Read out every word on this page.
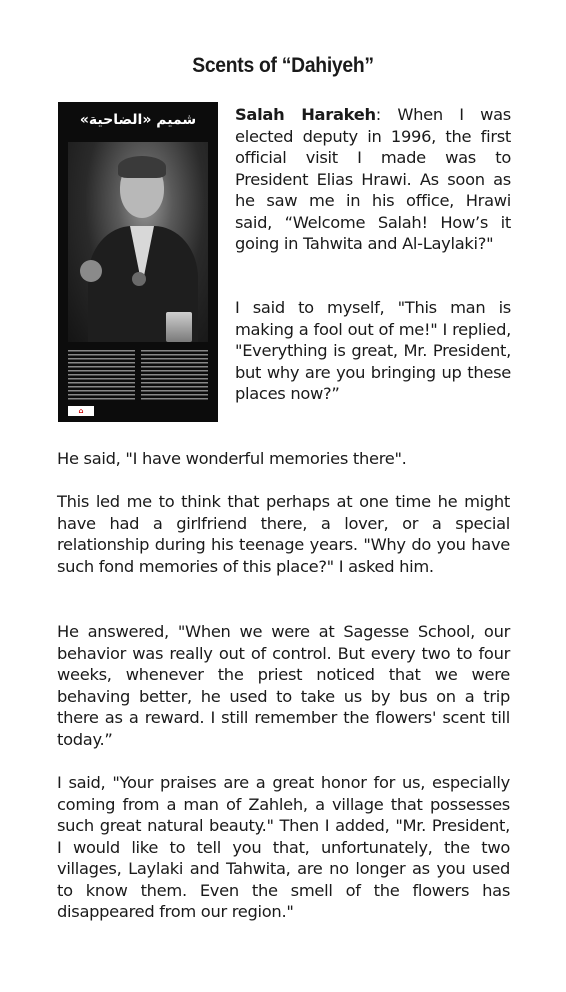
Scents of “Dahiyeh”
شميم «الضاحية»
⌂

Salah Harakeh: When I was elected deputy in 1996, the first official visit I made was to President Elias Hrawi. As soon as he saw me in his office, Hrawi said, “Welcome Salah! How’s it going in Tahwita and Al-Laylaki?"

I said to myself, "This man is making a fool out of me!" I replied, "Everything is great, Mr. President, but why are you bringing up these places now?”

He said, "I have wonderful memories there".

This led me to think that perhaps at one time he might have had a girlfriend there, a lover, or a special relationship during his teenage years. "Why do you have such fond memories of this place?" I asked him.

He answered, "When we were at Sagesse School, our behavior was really out of control. But every two to four weeks, whenever the priest noticed that we were behaving better, he used to take us by bus on a trip there as a reward. I still remember the flowers' scent till today.”

I said, "Your praises are a great honor for us, especially coming from a man of Zahleh, a village that possesses such great natural beauty." Then I added, "Mr. President, I would like to tell you that, unfortunately, the two villages, Laylaki and Tahwita, are no longer as you used to know them. Even the smell of the flowers has disappeared from our region."
